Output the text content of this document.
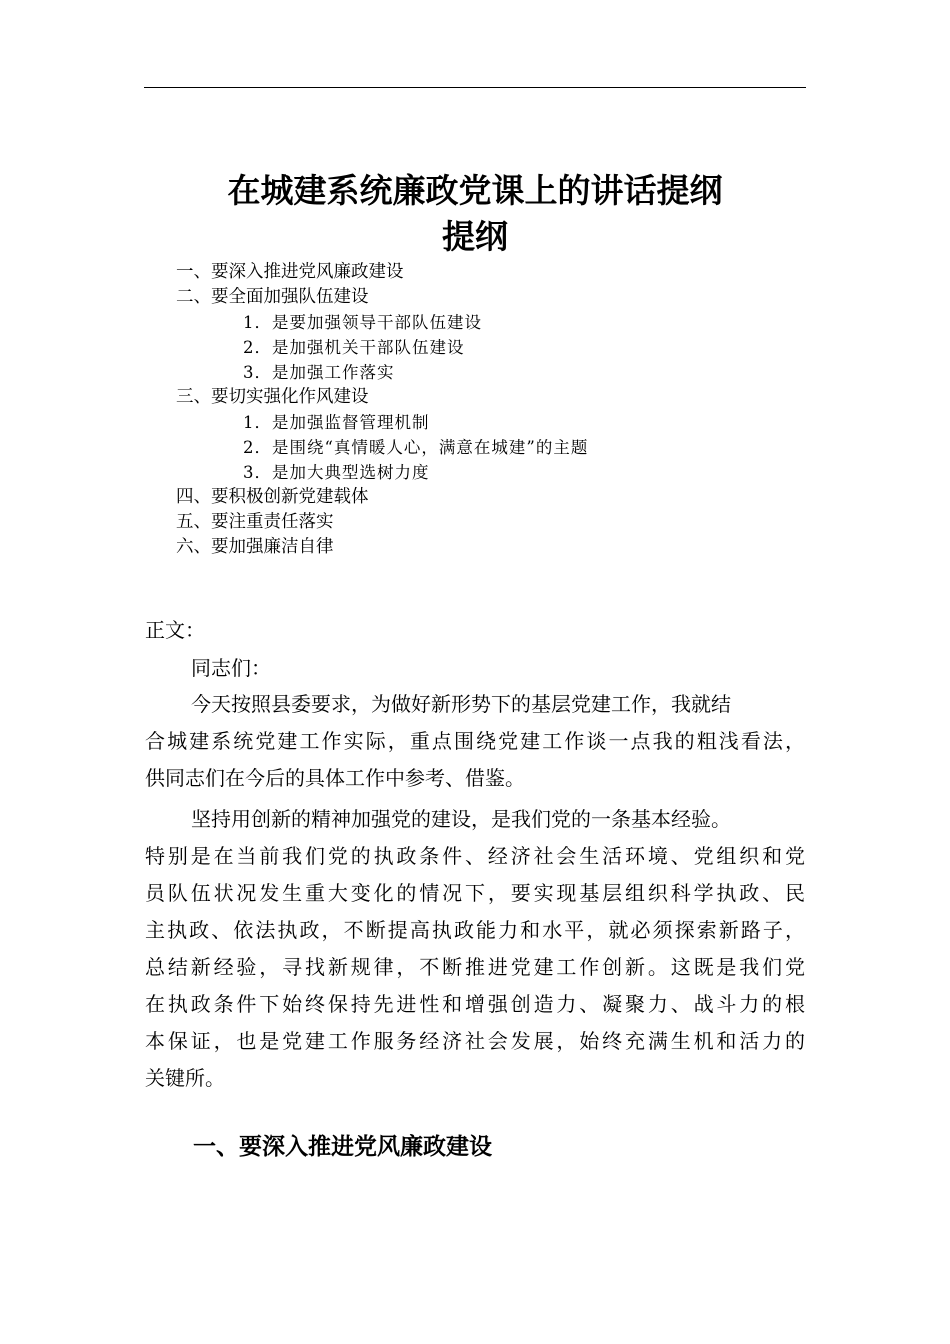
在城建系统廉政党课上的讲话提纲
提纲
一、要深入推进党风廉政建设
二、要全面加强队伍建设
1．是要加强领导干部队伍建设
2．是加强机关干部队伍建设
3．是加强工作落实
三、要切实强化作风建设
1．是加强监督管理机制
2．是围绕“真情暖人心，满意在城建”的主题
3．是加大典型选树力度
四、要积极创新党建载体
五、要注重责任落实
六、要加强廉洁自律
正文：
同志们：
今天按照县委要求，为做好新形势下的基层党建工作，我就结
合城建系统党建工作实际，重点围绕党建工作谈一点我的粗浅看法，
供同志们在今后的具体工作中参考、借鉴。
坚持用创新的精神加强党的建设，是我们党的一条基本经验。
特别是在当前我们党的执政条件、经济社会生活环境、党组织和党
员队伍状况发生重大变化的情况下，要实现基层组织科学执政、民
主执政、依法执政，不断提高执政能力和水平，就必须探索新路子，
总结新经验，寻找新规律，不断推进党建工作创新。这既是我们党
在执政条件下始终保持先进性和增强创造力、凝聚力、战斗力的根
本保证，也是党建工作服务经济社会发展，始终充满生机和活力的
关键所。
一、要深入推进党风廉政建设
